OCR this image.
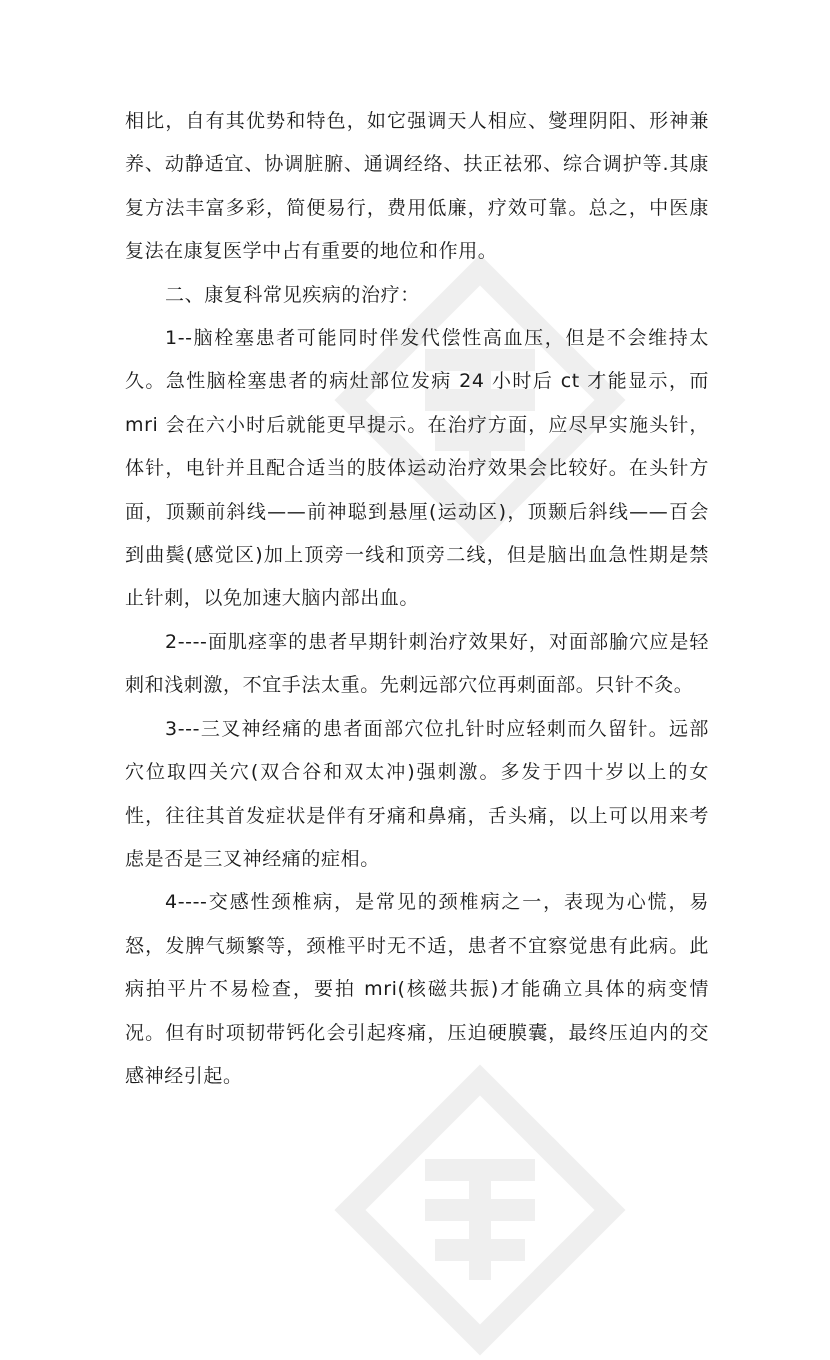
相比，自有其优势和特色，如它强调天人相应、燮理阴阳、形神兼养、动静适宜、协调脏腑、通调经络、扶正祛邪、综合调护等.其康复方法丰富多彩，简便易行，费用低廉，疗效可靠。总之，中医康复法在康复医学中占有重要的地位和作用。

二、康复科常见疾病的治疗：

1--脑栓塞患者可能同时伴发代偿性高血压，但是不会维持太久。急性脑栓塞患者的病灶部位发病 24 小时后 ct 才能显示，而 mri 会在六小时后就能更早提示。在治疗方面，应尽早实施头针，体针，电针并且配合适当的肢体运动治疗效果会比较好。在头针方面，顶颞前斜线——前神聪到悬厘(运动区)，顶颞后斜线——百会到曲鬓(感觉区)加上顶旁一线和顶旁二线，但是脑出血急性期是禁止针刺，以免加速大脑内部出血。

2----面肌痉挛的患者早期针刺治疗效果好，对面部腧穴应是轻刺和浅刺激，不宜手法太重。先刺远部穴位再刺面部。只针不灸。

3---三叉神经痛的患者面部穴位扎针时应轻刺而久留针。远部穴位取四关穴(双合谷和双太冲)强刺激。多发于四十岁以上的女性，往往其首发症状是伴有牙痛和鼻痛，舌头痛，以上可以用来考虑是否是三叉神经痛的症相。

4----交感性颈椎病，是常见的颈椎病之一，表现为心慌，易怒，发脾气频繁等，颈椎平时无不适，患者不宜察觉患有此病。此病拍平片不易检查，要拍 mri(核磁共振)才能确立具体的病变情况。但有时项韧带钙化会引起疼痛，压迫硬膜囊，最终压迫内的交感神经引起。
